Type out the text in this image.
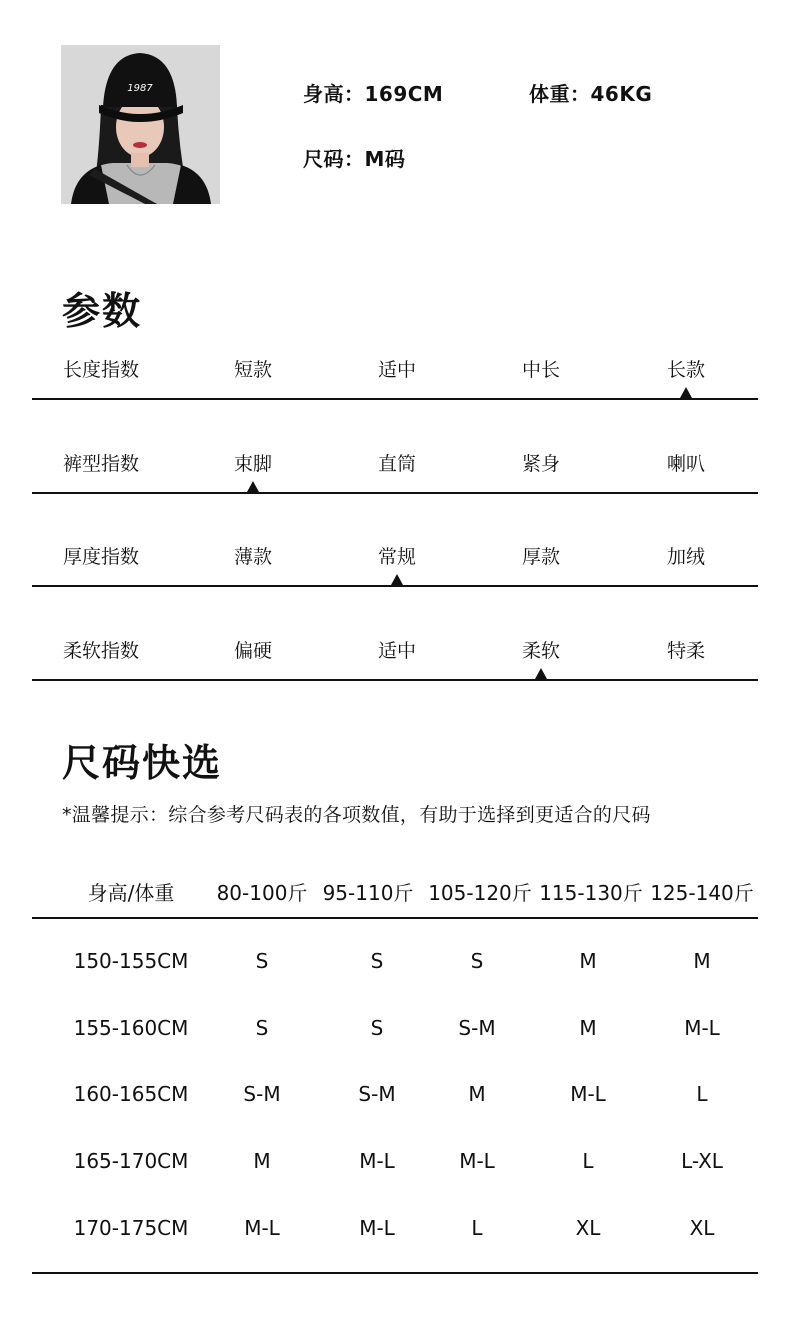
1987	身高：169CM	体重：46KG
尺码：M码
参数
长度指数	短款	适中	中长	长款
裤型指数	束脚	直筒	紧身	喇叭
厚度指数	薄款	常规	厚款	加绒
柔软指数	偏硬	适中	柔软	特柔
尺码快选
*温馨提示：综合参考尺码表的各项数值，有助于选择到更适合的尺码
身高/体重 80-100斤 95-110斤 105-120斤 115-130斤 125-140斤
150-155CM	S	S	S	M	M
155-160CM	S	S	S-M	M	M-L
160-165CM	S-M	S-M	M	M-L	L
165-170CM	M	M-L	M-L	L	L-XL
170-175CM	M-L	M-L	L	XL	XL
